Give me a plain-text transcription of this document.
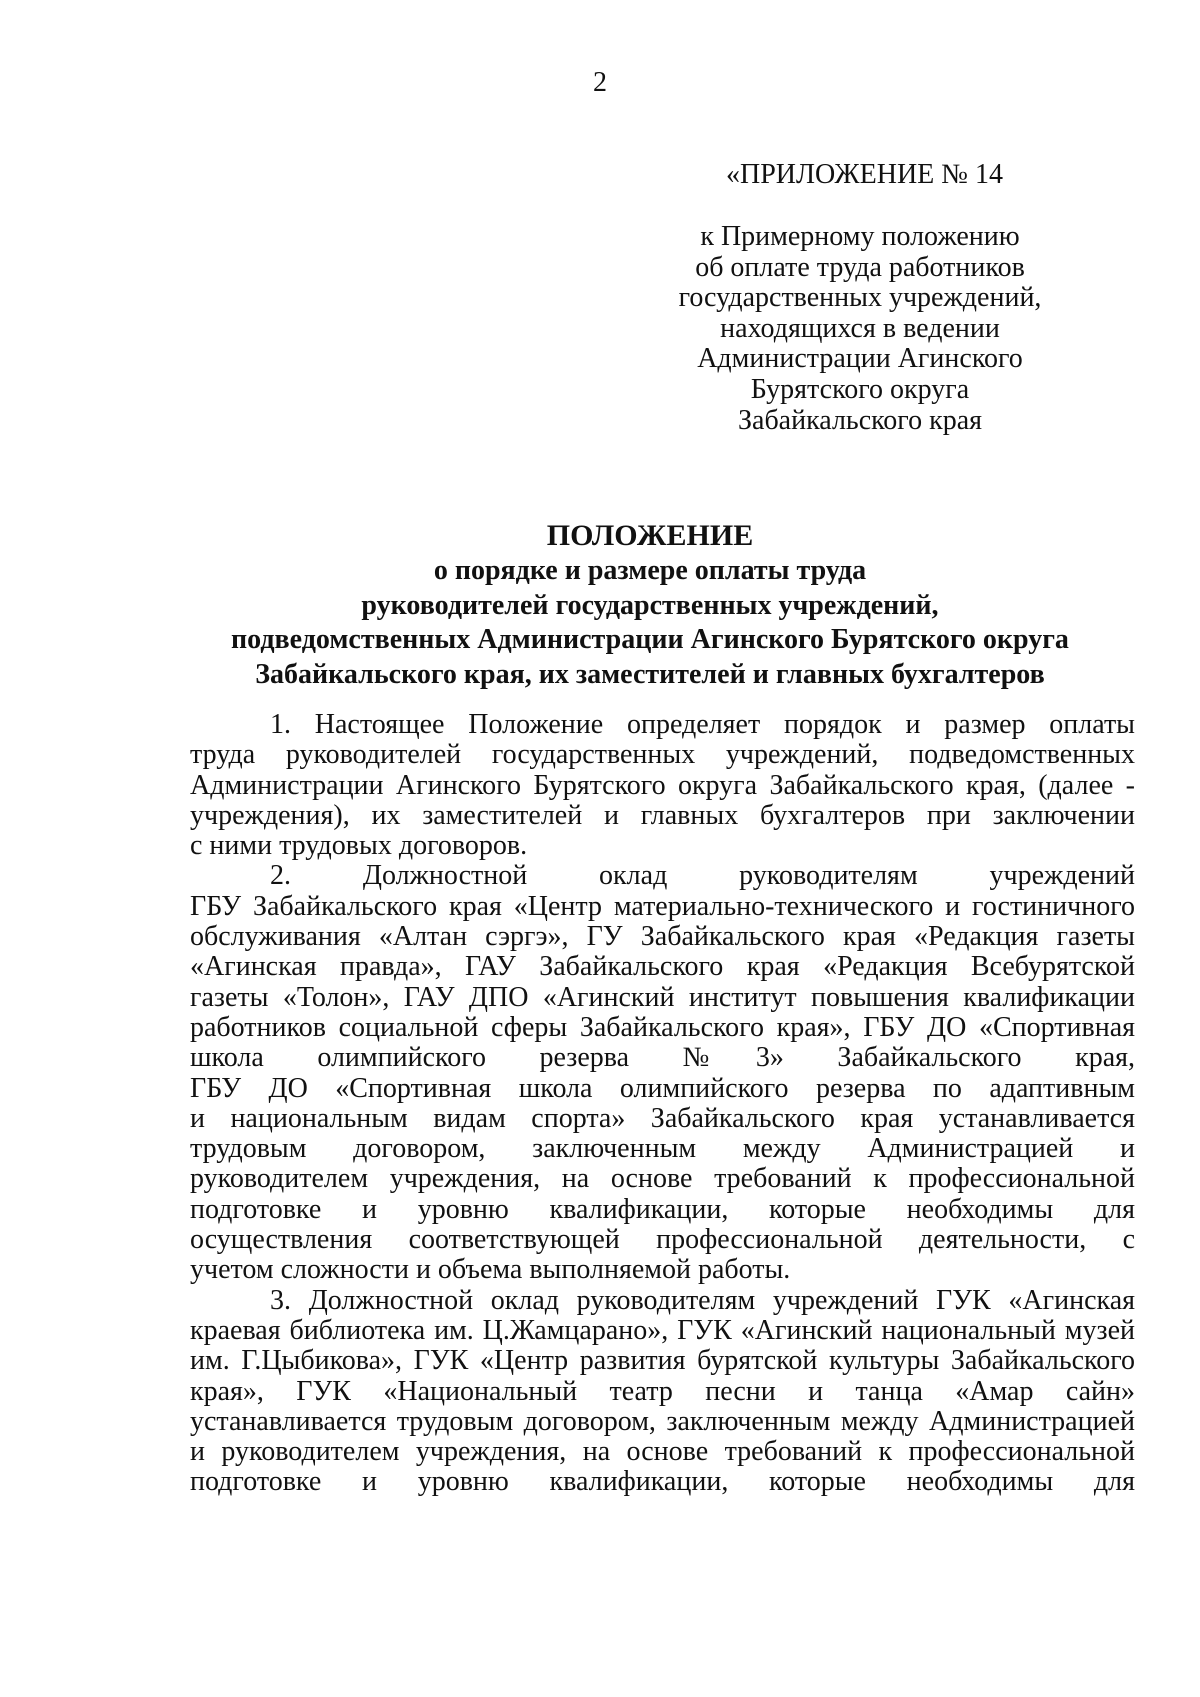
2
«ПРИЛОЖЕНИЕ № 14
к Примерному положению
об оплате труда работников
государственных учреждений,
находящихся в ведении
Администрации Агинского
Бурятского округа
Забайкальского края
ПОЛОЖЕНИЕ
о порядке и размере оплаты труда
руководителей государственных учреждений,
подведомственных Администрации Агинского Бурятского округа
Забайкальского края, их заместителей и главных бухгалтеров

1. Настоящее Положение определяет порядок и размер оплаты
труда руководителей государственных учреждений, подведомственных
Администрации Агинского Бурятского округа Забайкальского края, (далее -
учреждения), их заместителей и главных бухгалтеров при заключении
с ними трудовых договоров.

2. Должностной оклад руководителям учреждений
ГБУ Забайкальского края «Центр материально-технического и гостиничного
обслуживания «Алтан сэргэ», ГУ Забайкальского края «Редакция газеты
«Агинская правда», ГАУ Забайкальского края «Редакция Всебурятской
газеты «Толон», ГАУ ДПО «Агинский институт повышения квалификации
работников социальной сферы Забайкальского края», ГБУ ДО «Спортивная
школа олимпийского резерва №3» Забайкальского края,
ГБУ ДО «Спортивная школа олимпийского резерва по адаптивным
и национальным видам спорта» Забайкальского края устанавливается
трудовым договором, заключенным между Администрацией и
руководителем учреждения, на основе требований к профессиональной
подготовке и уровню квалификации, которые необходимы для
осуществления соответствующей профессиональной деятельности, с
учетом сложности и объема выполняемой работы.

3. Должностной оклад руководителям учреждений ГУК «Агинская
краевая библиотека им. Ц.Жамцарано», ГУК «Агинский национальный музей
им. Г.Цыбикова», ГУК «Центр развития бурятской культуры Забайкальского
края», ГУК «Национальный театр песни и танца «Амар сайн»
устанавливается трудовым договором, заключенным между Администрацией
и руководителем учреждения, на основе требований к профессиональной
подготовке и уровню квалификации, которые необходимы для
